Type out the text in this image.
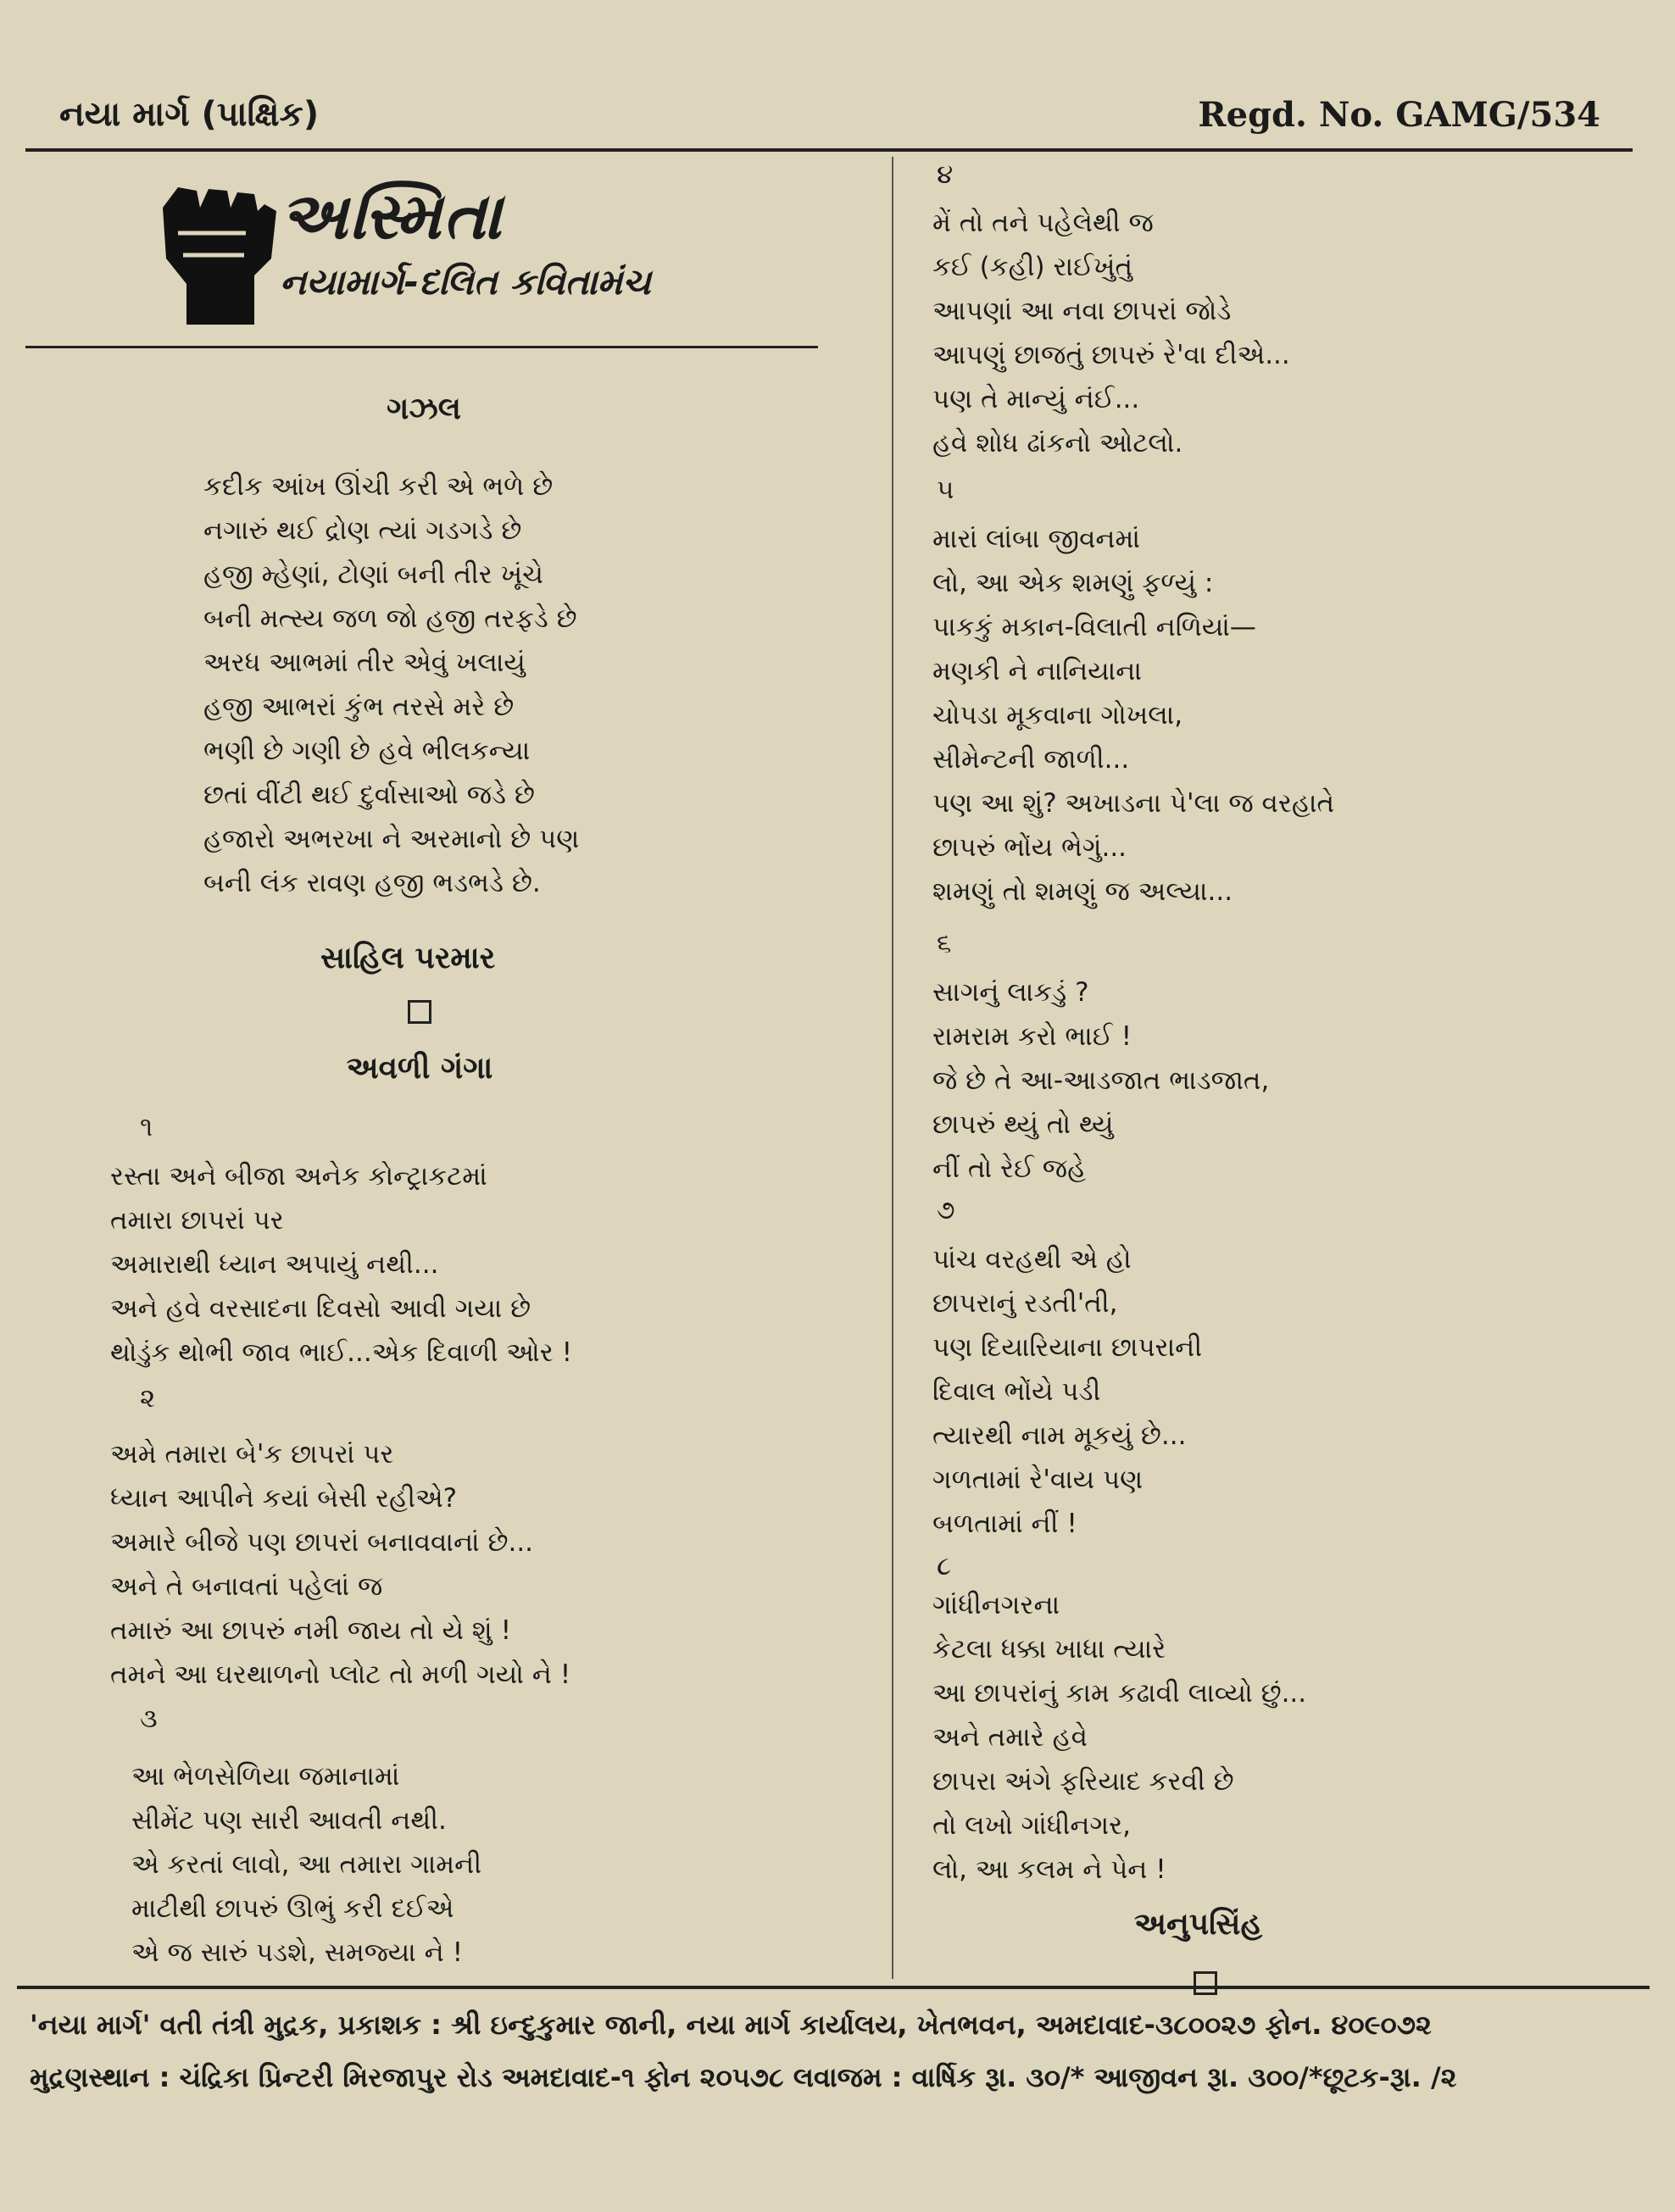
નયા માર્ગ (પાક્ષિક)	Regd. No. GAMG/534
અસ્મિતા
નયામાર્ગ-દલિત કવિતામંચ
ગઝલ
કદીક આંખ ઊંચી કરી એ ભળે છે
નગારું થઈ દ્રોણ ત્યાં ગડગડે છે
હજી મ્હેણાં, ટોણાં બની તીર ખૂંચે
બની મત્સ્ય જળ જો હજી તરફડે છે
અરધ આભમાં તીર એવું ખલાયું
હજી આભરાં કુંભ તરસે મરે છે
ભણી છે ગણી છે હવે ભીલકન્યા
છતાં વીંટી થઈ દુર્વાસાઓ જડે છે
હજારો અભરખા ને અરમાનો છે પણ
બની લંક રાવણ હજી ભડભડે છે.
સાહિલ પરમાર
અવળી ગંગા
૧
રસ્તા અને બીજા અનેક કોન્ટ્રાકટમાં
તમારા છાપરાં પર
અમારાથી ધ્યાન અપાયું નથી...
અને હવે વરસાદના દિવસો આવી ગયા છે
થોડુંક થોભી જાવ ભાઈ...એક દિવાળી ઓર !
૨
અમે તમારા બે'ક છાપરાં પર
ધ્યાન આપીને કયાં બેસી રહીએ?
અમારે બીજે પણ છાપરાં બનાવવાનાં છે...
અને તે બનાવતાં પહેલાં જ
તમારું આ છાપરું નમી જાય તો યે શું !
તમને આ ઘરથાળનો પ્લોટ તો મળી ગયો ને !
૩
આ ભેળસેળિયા જમાનામાં
સીમેંટ પણ સારી આવતી નથી.
એ કરતાં લાવો, આ તમારા ગામની
માટીથી છાપરું ઊભું કરી દઈએ
એ જ સારું પડશે, સમજ્યા ને !
૪
મેં તો તને પહેલેથી જ
કઈ (કહી) રાઈખુંતું
આપણાં આ નવા છાપરાં જોડે
આપણું છાજતું છાપરું રે'વા દીએ...
પણ તે માન્યું નંઈ...
હવે શોધ ઢાંકનો ઓટલો.
૫
મારાં લાંબા જીવનમાં
લો, આ એક શમણું ફળ્યું :
પાકકું મકાન-વિલાતી નળિયાં—
મણકી ને નાનિયાના
ચોપડા મૂકવાના ગોખલા,
સીમેન્ટની જાળી...
પણ આ શું? અખાડના પે'લા જ વરહાતે
છાપરું ભોંય ભેગું...
શમણું તો શમણું જ અલ્યા...
૬
સાગનું લાકડું ?
રામરામ કરો ભાઈ !
જે છે તે આ-આડજાત ભાડજાત,
છાપરું થ્યું તો થ્યું
નીં તો રેઈ જહે
૭
પાંચ વરહથી એ હો
છાપરાનું રડતી'તી,
પણ દિયારિયાના છાપરાની
દિવાલ ભોંયે પડી
ત્યારથી નામ મૂકયું છે...
ગળતામાં રે'વાય પણ
બળતામાં નીં !
૮
ગાંધીનગરના
કેટલા ધક્કા ખાધા ત્યારે
આ છાપરાંનું કામ કઢાવી લાવ્યો છું...
અને તમારે હવે
છાપરા અંગે ફરિયાદ કરવી છે
તો લખો ગાંધીનગર,
લો, આ કલમ ને પેન !
અનુપસિંહ
'નયા માર્ગ' વતી તંત્રી મુદ્રક, પ્રકાશક : શ્રી ઇન્દુકુમાર જાની, નયા માર્ગ કાર્યાલય, ખેતભવન, અમદાવાદ-૩૮૦૦૨૭ ફોન. ૪૦૯૦૭૨
મુદ્રણસ્થાન : ચંદ્રિકા પ્રિન્ટરી મિરજાપુર રોડ અમદાવાદ-૧ ફોન ૨૦૫૭૮ લવાજમ : વાર્ષિક રૂા. ૩૦/* આજીવન રૂા. ૩૦૦/*છૂટક-રૂા. /૨
